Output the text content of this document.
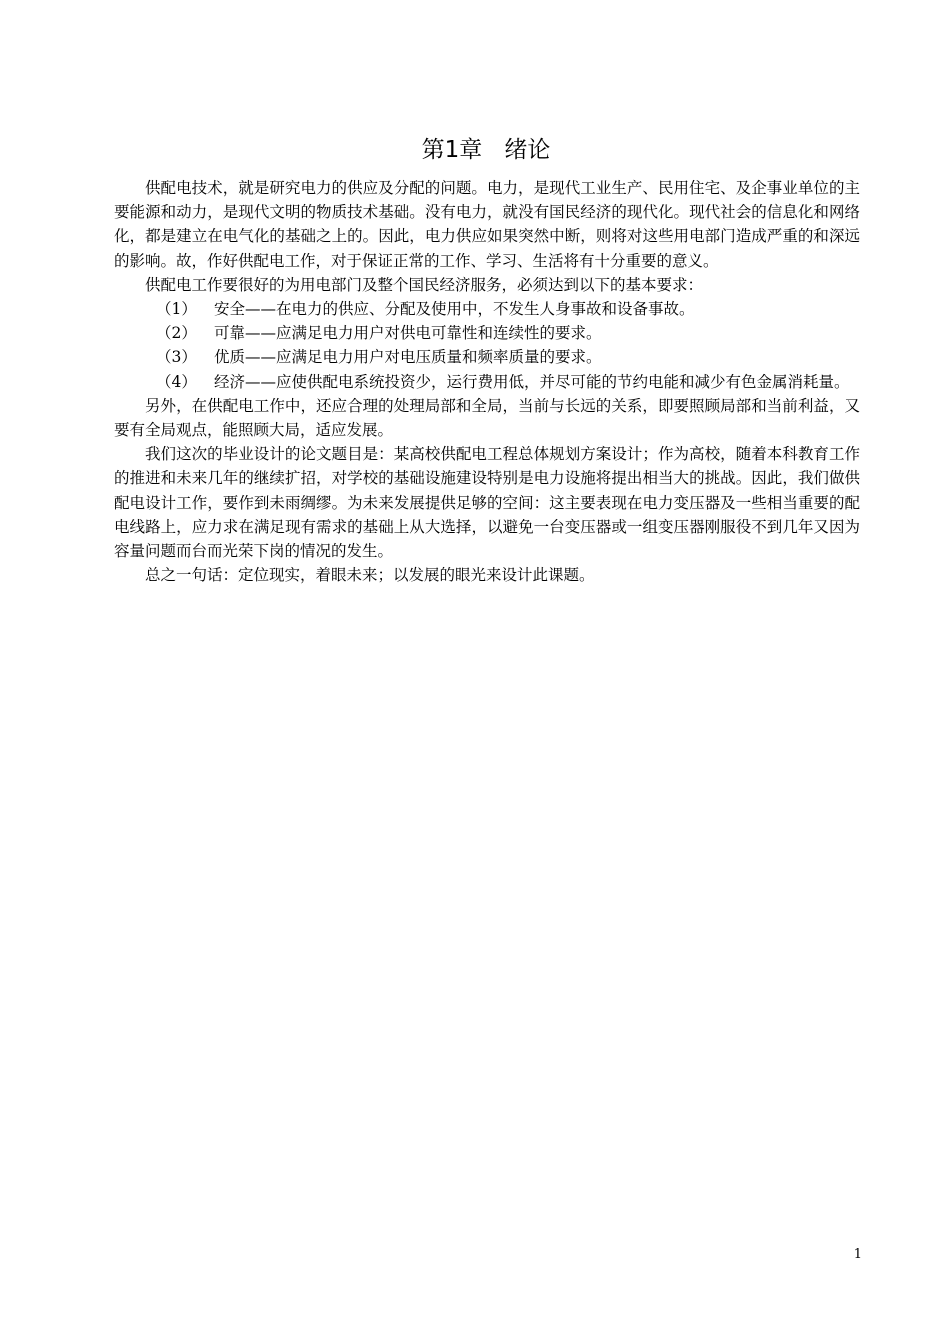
第1章 绪论

供配电技术，就是研究电力的供应及分配的问题。电力，是现代工业生产、民用住宅、及企事业单位的主要能源和动力，是现代文明的物质技术基础。没有电力，就没有国民经济的现代化。现代社会的信息化和网络化，都是建立在电气化的基础之上的。因此，电力供应如果突然中断，则将对这些用电部门造成严重的和深远的影响。故，作好供配电工作，对于保证正常的工作、学习、生活将有十分重要的意义。

供配电工作要很好的为用电部门及整个国民经济服务，必须达到以下的基本要求：

（1）	安全——在电力的供应、分配及使用中，不发生人身事故和设备事故。
（2）	可靠——应满足电力用户对供电可靠性和连续性的要求。
（3）	优质——应满足电力用户对电压质量和频率质量的要求。
（4）	经济——应使供配电系统投资少，运行费用低，并尽可能的节约电能和减少有色金属消耗量。

另外，在供配电工作中，还应合理的处理局部和全局，当前与长远的关系，即要照顾局部和当前利益，又要有全局观点，能照顾大局，适应发展。

我们这次的毕业设计的论文题目是：某高校供配电工程总体规划方案设计；作为高校，随着本科教育工作的推进和未来几年的继续扩招，对学校的基础设施建设特别是电力设施将提出相当大的挑战。因此，我们做供配电设计工作，要作到未雨绸缪。为未来发展提供足够的空间：这主要表现在电力变压器及一些相当重要的配电线路上，应力求在满足现有需求的基础上从大选择，以避免一台变压器或一组变压器刚服役不到几年又因为容量问题而台而光荣下岗的情况的发生。

总之一句话：定位现实，着眼未来；以发展的眼光来设计此课题。

1
